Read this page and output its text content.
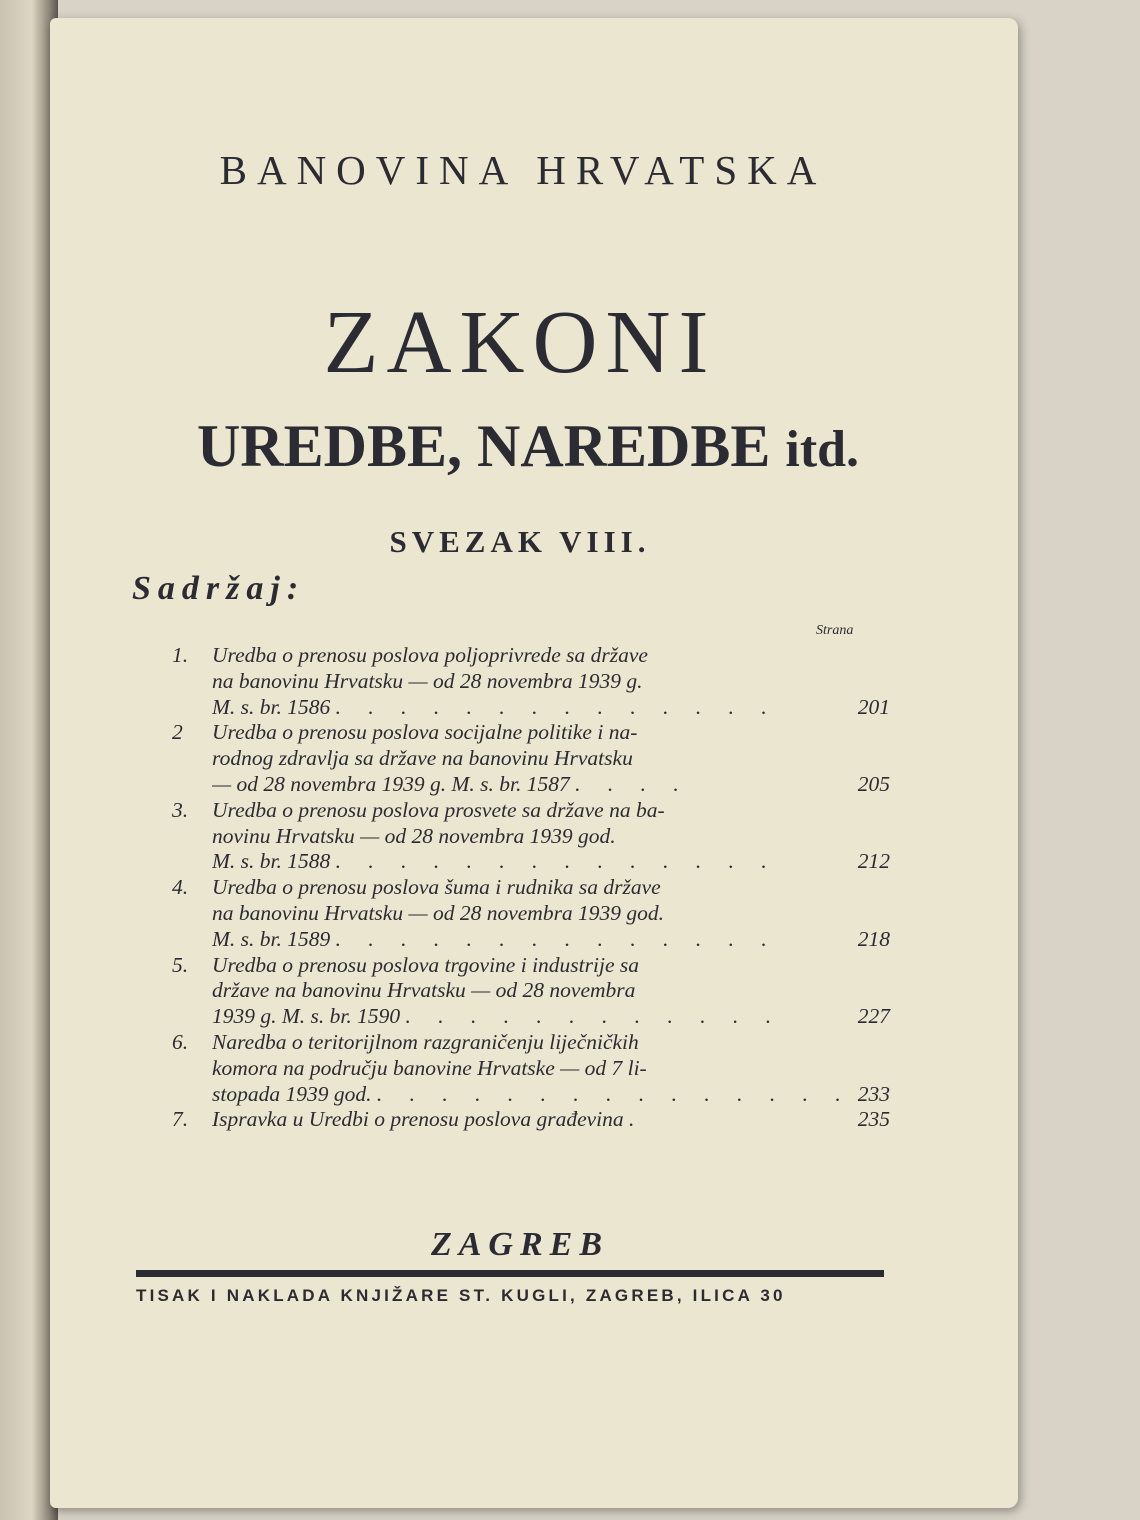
BANOVINA HRVATSKA
ZAKONI
UREDBE, NAREDBE itd.
SVEZAK VIII.
Sadržaj:
Strana
1. Uredba o prenosu poslova poljoprivrede sa države
na banovinu Hrvatsku — od 28 novembra 1939 g.
M. s. br. 1586 . . . . . . . . . . . . . .	201
2 Uredba o prenosu poslova socijalne politike i na-
rodnog zdravlja sa države na banovinu Hrvatsku
— od 28 novembra 1939 g. M. s. br. 1587 . . . .	205
3. Uredba o prenosu poslova prosvete sa države na ba-
novinu Hrvatsku — od 28 novembra 1939 god.
M. s. br. 1588 . . . . . . . . . . . . . .	212
4. Uredba o prenosu poslova šuma i rudnika sa države
na banovinu Hrvatsku — od 28 novembra 1939 god.
M. s. br. 1589 . . . . . . . . . . . . . .	218
5. Uredba o prenosu poslova trgovine i industrije sa
države na banovinu Hrvatsku — od 28 novembra
1939 g. M. s. br. 1590 . . . . . . . . . . . .	227
6. Naredba o teritorijlnom razgraničenju liječničkih
komora na području banovine Hrvatske — od 7 li-
stopada 1939 god. . . . . . . . . . . . . . . . 233
7. Ispravka u Uredbi o prenosu poslova građevina .	235
ZAGREB
TISAK I NAKLADA KNJIŽARE ST. KUGLI, ZAGREB, ILICA 30
